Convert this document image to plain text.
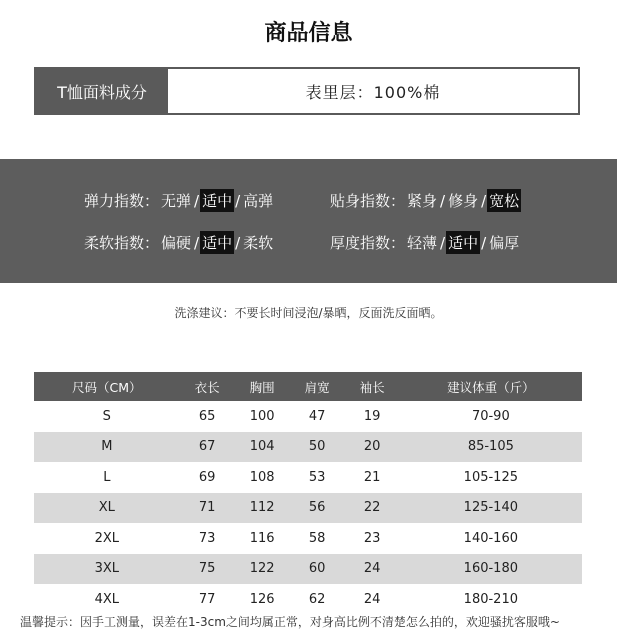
商品信息
T恤面料成分	表里层：100%棉
弹力指数： 无弹 / 适中 / 高弹	贴身指数： 紧身 / 修身 / 宽松
柔软指数： 偏硬 / 适中 / 柔软	厚度指数： 轻薄 / 适中 / 偏厚
洗涤建议：不要长时间浸泡/暴晒，反面洗反面晒。
尺码（CM）	衣长	胸围	肩宽	袖长	建议体重（斤）
S	65	100	47	19	70-90
M	67	104	50	20	85-105
L	69	108	53	21	105-125
XL	71	112	56	22	125-140
2XL	73	116	58	23	140-160
3XL	75	122	60	24	160-180
4XL	77	126	62	24	180-210
温馨提示：因手工测量，误差在1-3cm之间均属正常，对身高比例不清楚怎么拍的，欢迎骚扰客服哦~
